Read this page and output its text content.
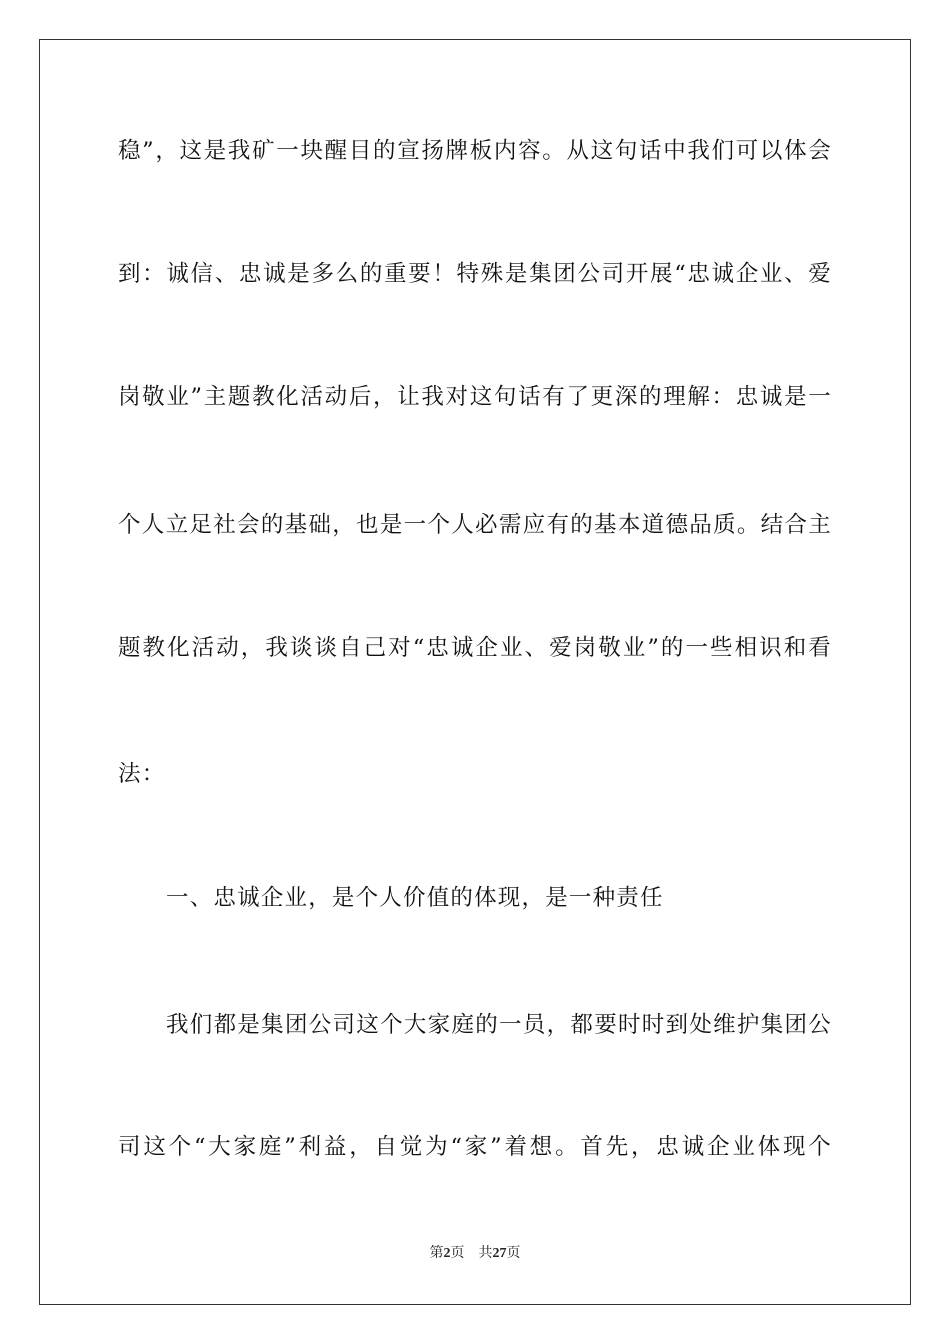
稳”，这是我矿一块醒目的宣扬牌板内容。从这句话中我们可以体会
到：诚信、忠诚是多么的重要！特殊是集团公司开展“忠诚企业、爱
岗敬业”主题教化活动后，让我对这句话有了更深的理解：忠诚是一
个人立足社会的基础，也是一个人必需应有的基本道德品质。结合主
题教化活动，我谈谈自己对“忠诚企业、爱岗敬业”的一些相识和看
法：
一、忠诚企业，是个人价值的体现，是一种责任
我们都是集团公司这个大家庭的一员，都要时时到处维护集团公
司这个“大家庭”利益，自觉为“家”着想。首先，忠诚企业体现个
第2页 共27页
